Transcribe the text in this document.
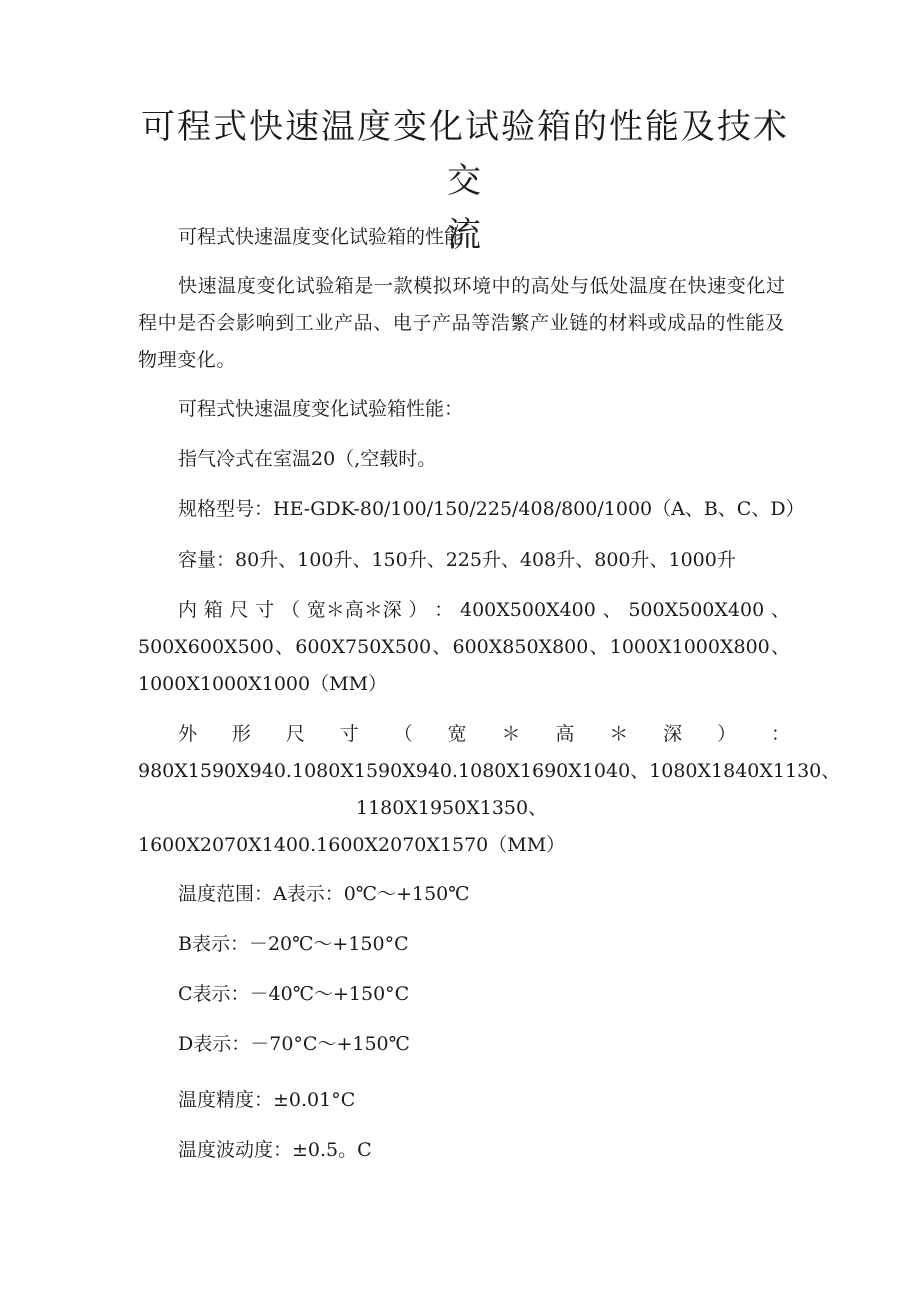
可程式快速温度变化试验箱的性能及技术交
流

可程式快速温度变化试验箱的性能

快速温度变化试验箱是一款模拟环境中的高处与低处温度在快速变化过程中是否会影响到工业产品、电子产品等浩繁产业链的材料或成品的性能及物理变化。

可程式快速温度变化试验箱性能：

指气冷式在室温20（,空载时。

规格型号：HE-GDK-80/100/150/225/408/800/1000（A、B、C、D）

容量：80升、100升、150升、225升、408升、800升、1000升

内 箱 尺 寸 （ 宽＊高＊深 ） ： 400X500X400 、 500X500X400 、
500X600X500 、 600X750X500 、 600X850X800 、 1000X1000X800 、

1000X1000X1000（MM）

外 形 尺 寸 （ 宽 ＊ 高 ＊ 深 ） ：
980X1590X940.1080X1590X940.1080X1690X1040、 1080X1840X1130、

1180X1950X1350、

1600X2070X1400.1600X2070X1570（MM）

温度范围：A表示：0℃～+150℃

B表示：－20℃～+150°C

C表示：－40℃～+150°C

D表示：－70°C～+150℃

温度精度：±0.01°C

温度波动度：±0.5。C
